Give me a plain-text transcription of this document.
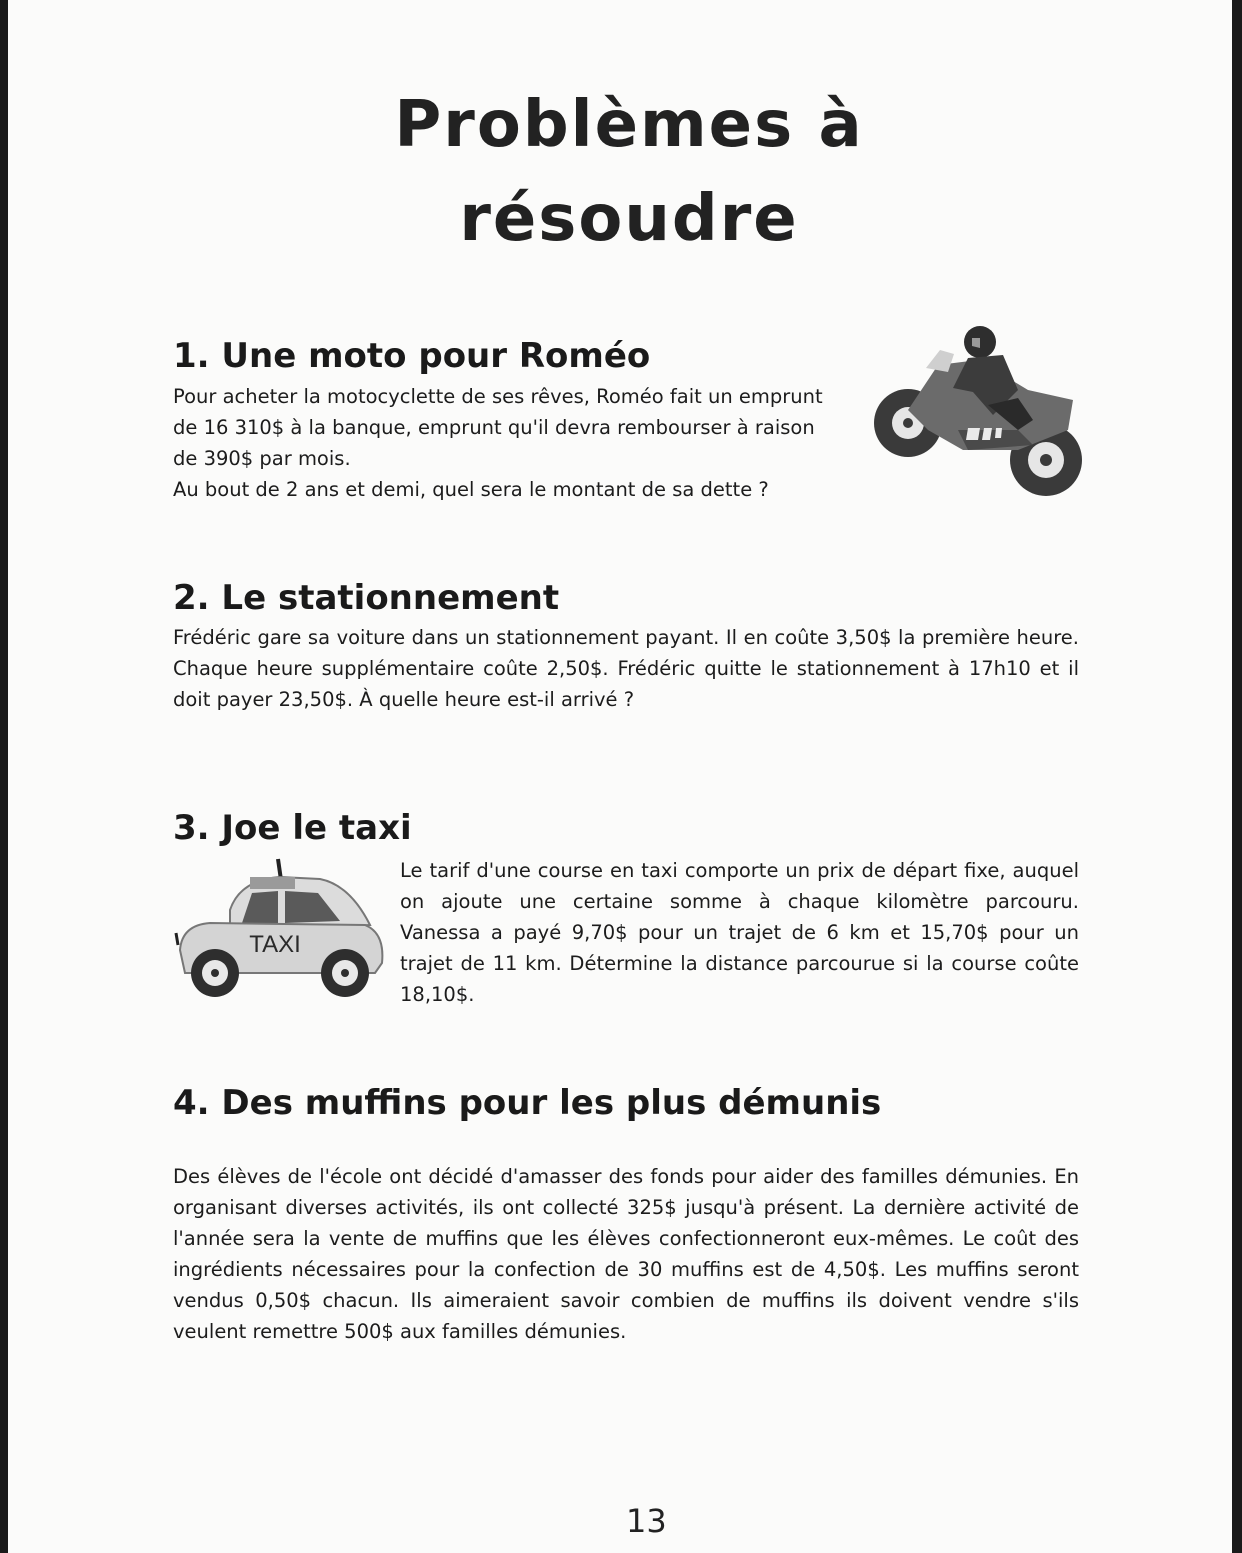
Problèmes à
résoudre
1. Une moto pour Roméo

Pour acheter la motocyclette de ses rêves, Roméo fait un emprunt
de 16 310$ à la banque, emprunt qu'il devra rembourser à raison
de 390$ par mois.
Au bout de 2 ans et demi, quel sera le montant de sa dette ?

2. Le stationnement

Frédéric gare sa voiture dans un stationnement payant. Il en coûte 3,50$ la première heure. Chaque heure supplémentaire coûte 2,50$. Frédéric quitte le stationnement à 17h10 et il doit payer 23,50$. À quelle heure est-il arrivé ?

3. Joe le taxi

Le tarif d'une course en taxi comporte un prix de départ fixe, auquel on ajoute une certaine somme à chaque kilomètre parcouru. Vanessa a payé 9,70$ pour un trajet de 6 km et 15,70$ pour un trajet de 11 km. Détermine la distance parcourue si la course coûte 18,10$.

TAXI
4. Des muffins pour les plus démunis

Des élèves de l'école ont décidé d'amasser des fonds pour aider des familles démunies. En organisant diverses activités, ils ont collecté 325$ jusqu'à présent. La dernière activité de l'année sera la vente de muffins que les élèves confectionneront eux-mêmes. Le coût des ingrédients nécessaires pour la confection de 30 muffins est de 4,50$. Les muffins seront vendus 0,50$ chacun. Ils aimeraient savoir combien de muffins ils doivent vendre s'ils veulent remettre 500$ aux familles démunies.

13
